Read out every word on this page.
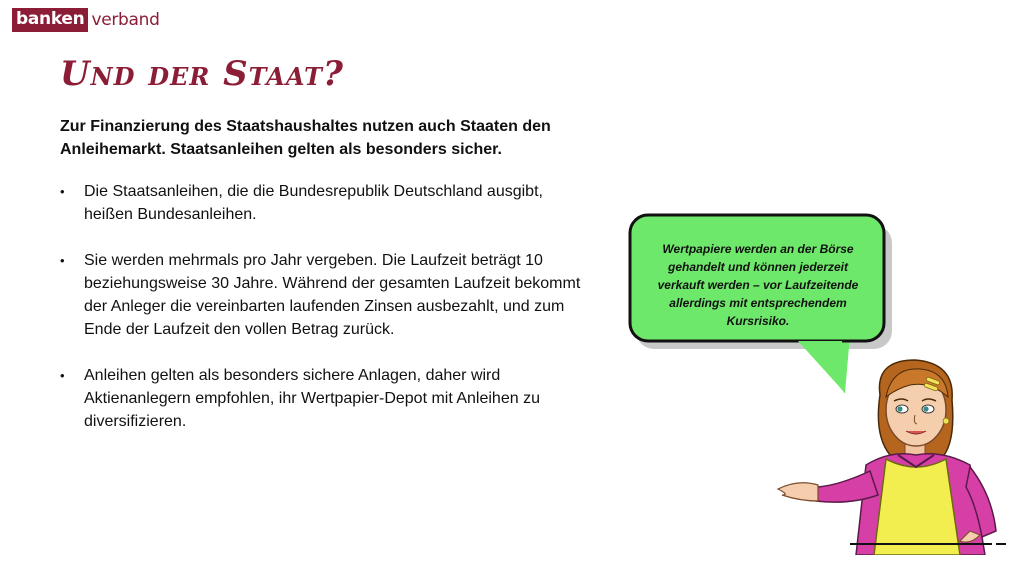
banken verband
Und der Staat?

Zur Finanzierung des Staatshaushaltes nutzen auch Staaten den Anleihemarkt. Staatsanleihen gelten als besonders sicher.

• Die Staatsanleihen, die die Bundesrepublik Deutschland ausgibt, heißen Bundesanleihen.
• Sie werden mehrmals pro Jahr vergeben. Die Laufzeit beträgt 10 beziehungsweise 30 Jahre. Während der gesamten Laufzeit bekommt der Anleger die vereinbarten laufenden Zinsen ausbezahlt, und zum Ende der Laufzeit den vollen Betrag zurück.
• Anleihen gelten als besonders sichere Anlagen, daher wird Aktienanlegern empfohlen, ihr Wertpapier-Depot mit Anleihen zu diversifizieren.

Wertpapiere werden an der Börse gehandelt und können jederzeit verkauft werden – vor Laufzeitende allerdings mit entsprechendem Kursrisiko.
